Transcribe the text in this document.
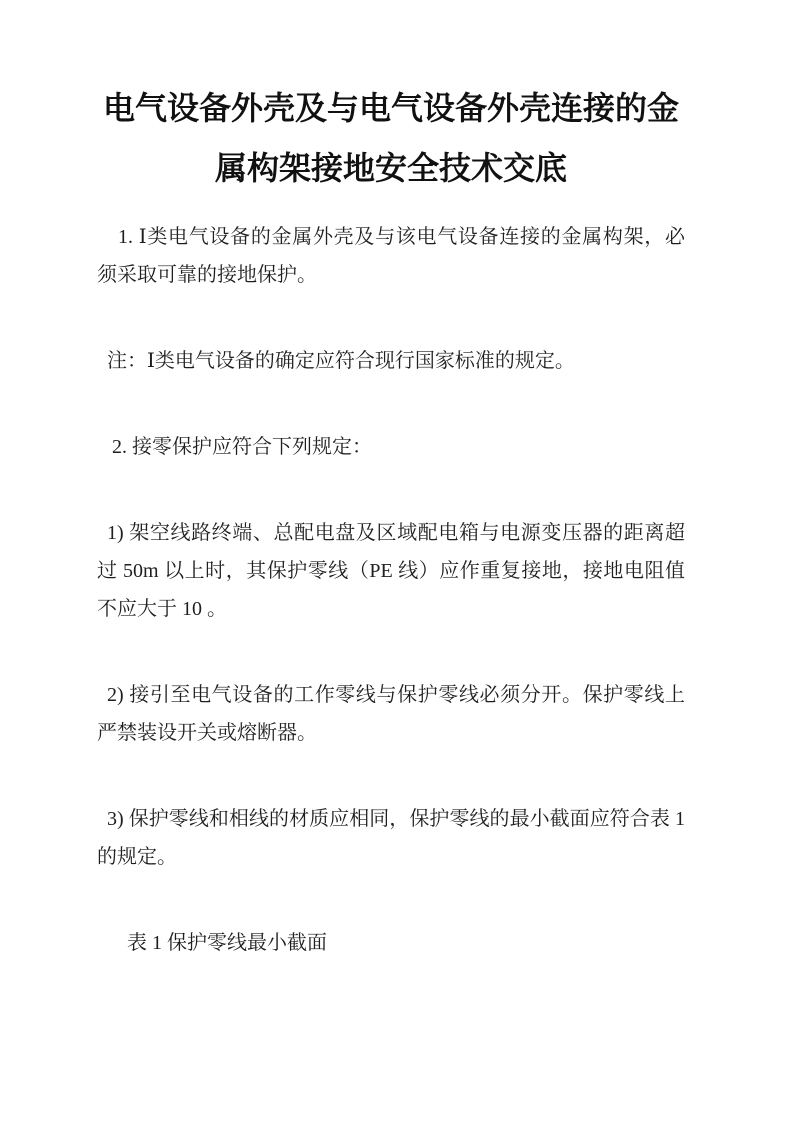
电气设备外壳及与电气设备外壳连接的金属构架接地安全技术交底

1. Ⅰ类电气设备的金属外壳及与该电气设备连接的金属构架，必须采取可靠的接地保护。

注：Ⅰ类电气设备的确定应符合现行国家标准的规定。

2. 接零保护应符合下列规定：

1) 架空线路终端、总配电盘及区域配电箱与电源变压器的距离超过 50m 以上时，其保护零线（PE 线）应作重复接地，接地电阻值不应大于 10 。

2) 接引至电气设备的工作零线与保护零线必须分开。保护零线上严禁装设开关或熔断器。

3) 保护零线和相线的材质应相同，保护零线的最小截面应符合表 1 的规定。

表 1 保护零线最小截面
